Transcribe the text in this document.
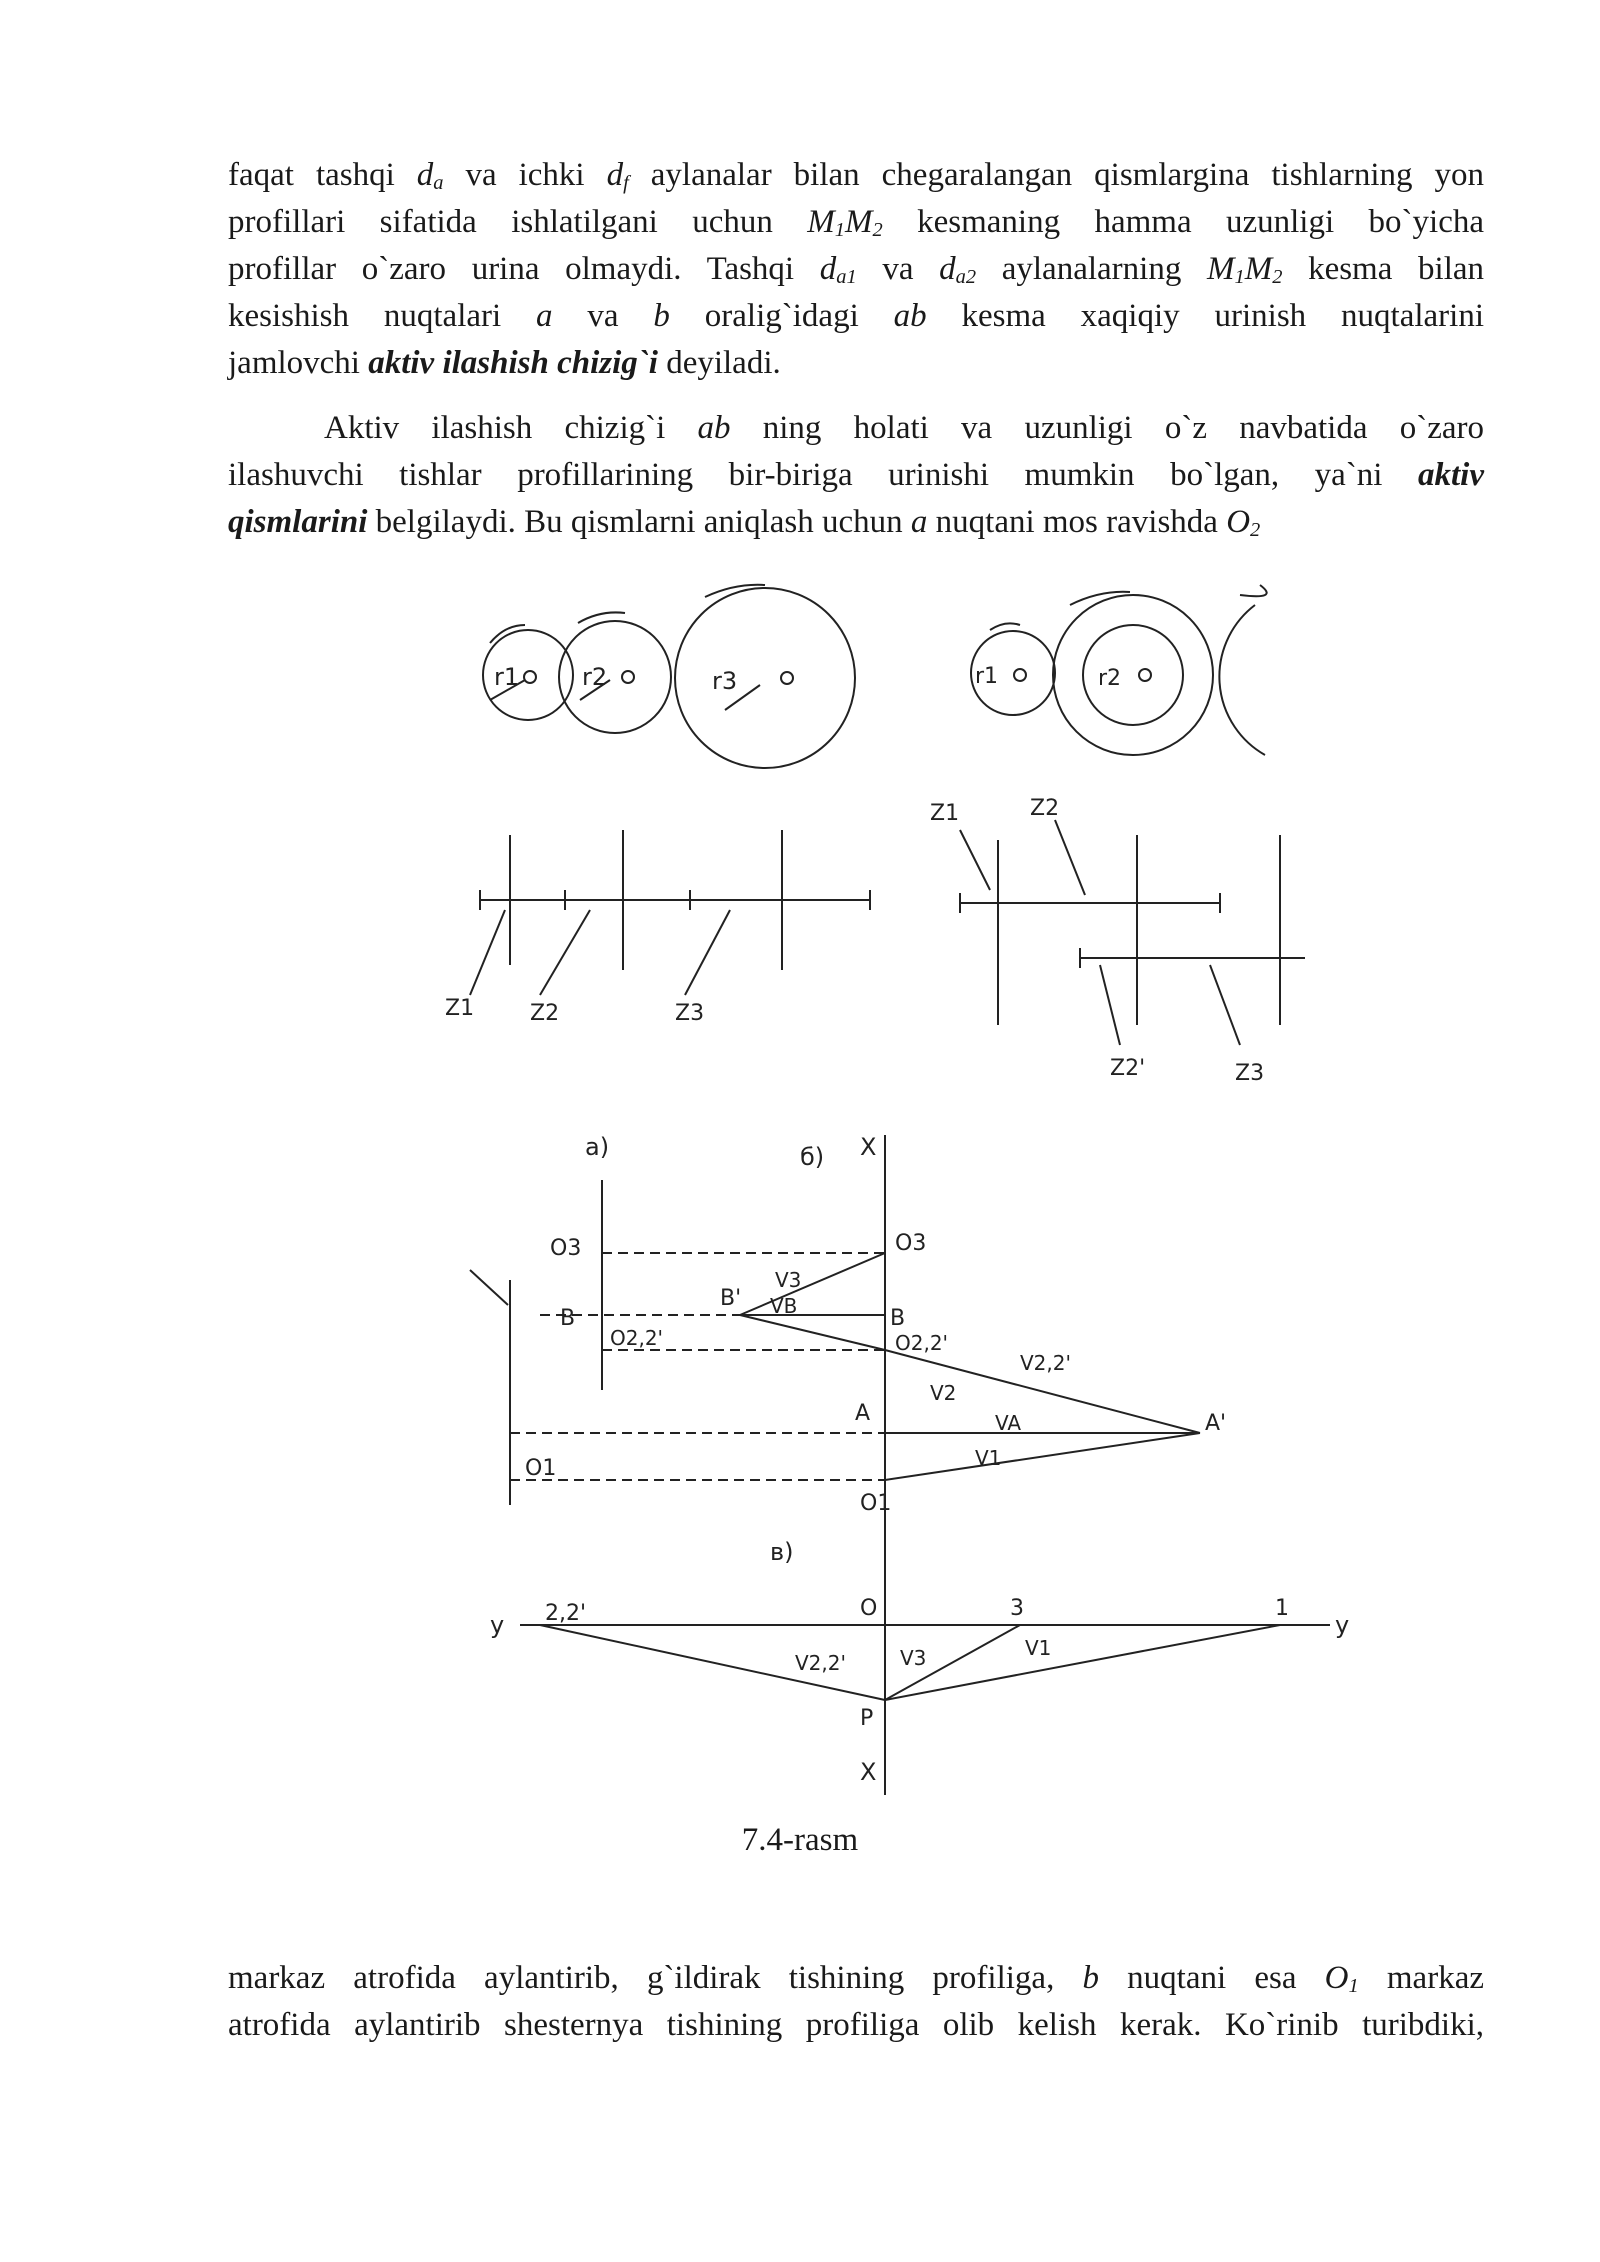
faqat tashqi $d_a$ va ichki $d_f$ aylanalar bilan chegaralangan qismlargina tishlarning yon
profillari sifatida ishlatilgani uchun $M_1M_2$ kesmaning hamma uzunligi bo`yicha
profillar o`zaro urina olmaydi. Tashqi $d_{a1}$ va $d_{a2}$ aylanalarning $M_1M_2$ kesma bilan
kesishish nuqtalari a va b oralig`idagi ab kesma xaqiqiy urinish nuqtalarini
jamlovchi aktiv ilashish chizig`i deyiladi.
Aktiv ilashish chizig`i ab ning holati va uzunligi o`z navbatida o`zaro
ilashuvchi tishlar profillarining bir-biriga urinishi mumkin bo`lgan, ya`ni aktiv
qismlarini belgilaydi. Bu qismlarni aniqlash uchun a nuqtani mos ravishda $O_2$
r1	r2	r3	r1	r2
Z1	Z2	Z3
Z1	Z2
Z2'	Z3
a)	б)
в)
X
X
O3	O3
B	B
O2,2'	O2,2'
A
O1
O1
B'
A'
V3
VB
V2,2'
V2
VA
V1
y	y
O
P
2,2'	3	1
V2,2'	V3	V1
7.4-rasm
markaz atrofida aylantirib, g`ildirak tishining profiliga, b nuqtani esa $O_1$ markaz
atrofida aylantirib shesternya tishining profiliga olib kelish kerak. Ko`rinib turibdiki,
